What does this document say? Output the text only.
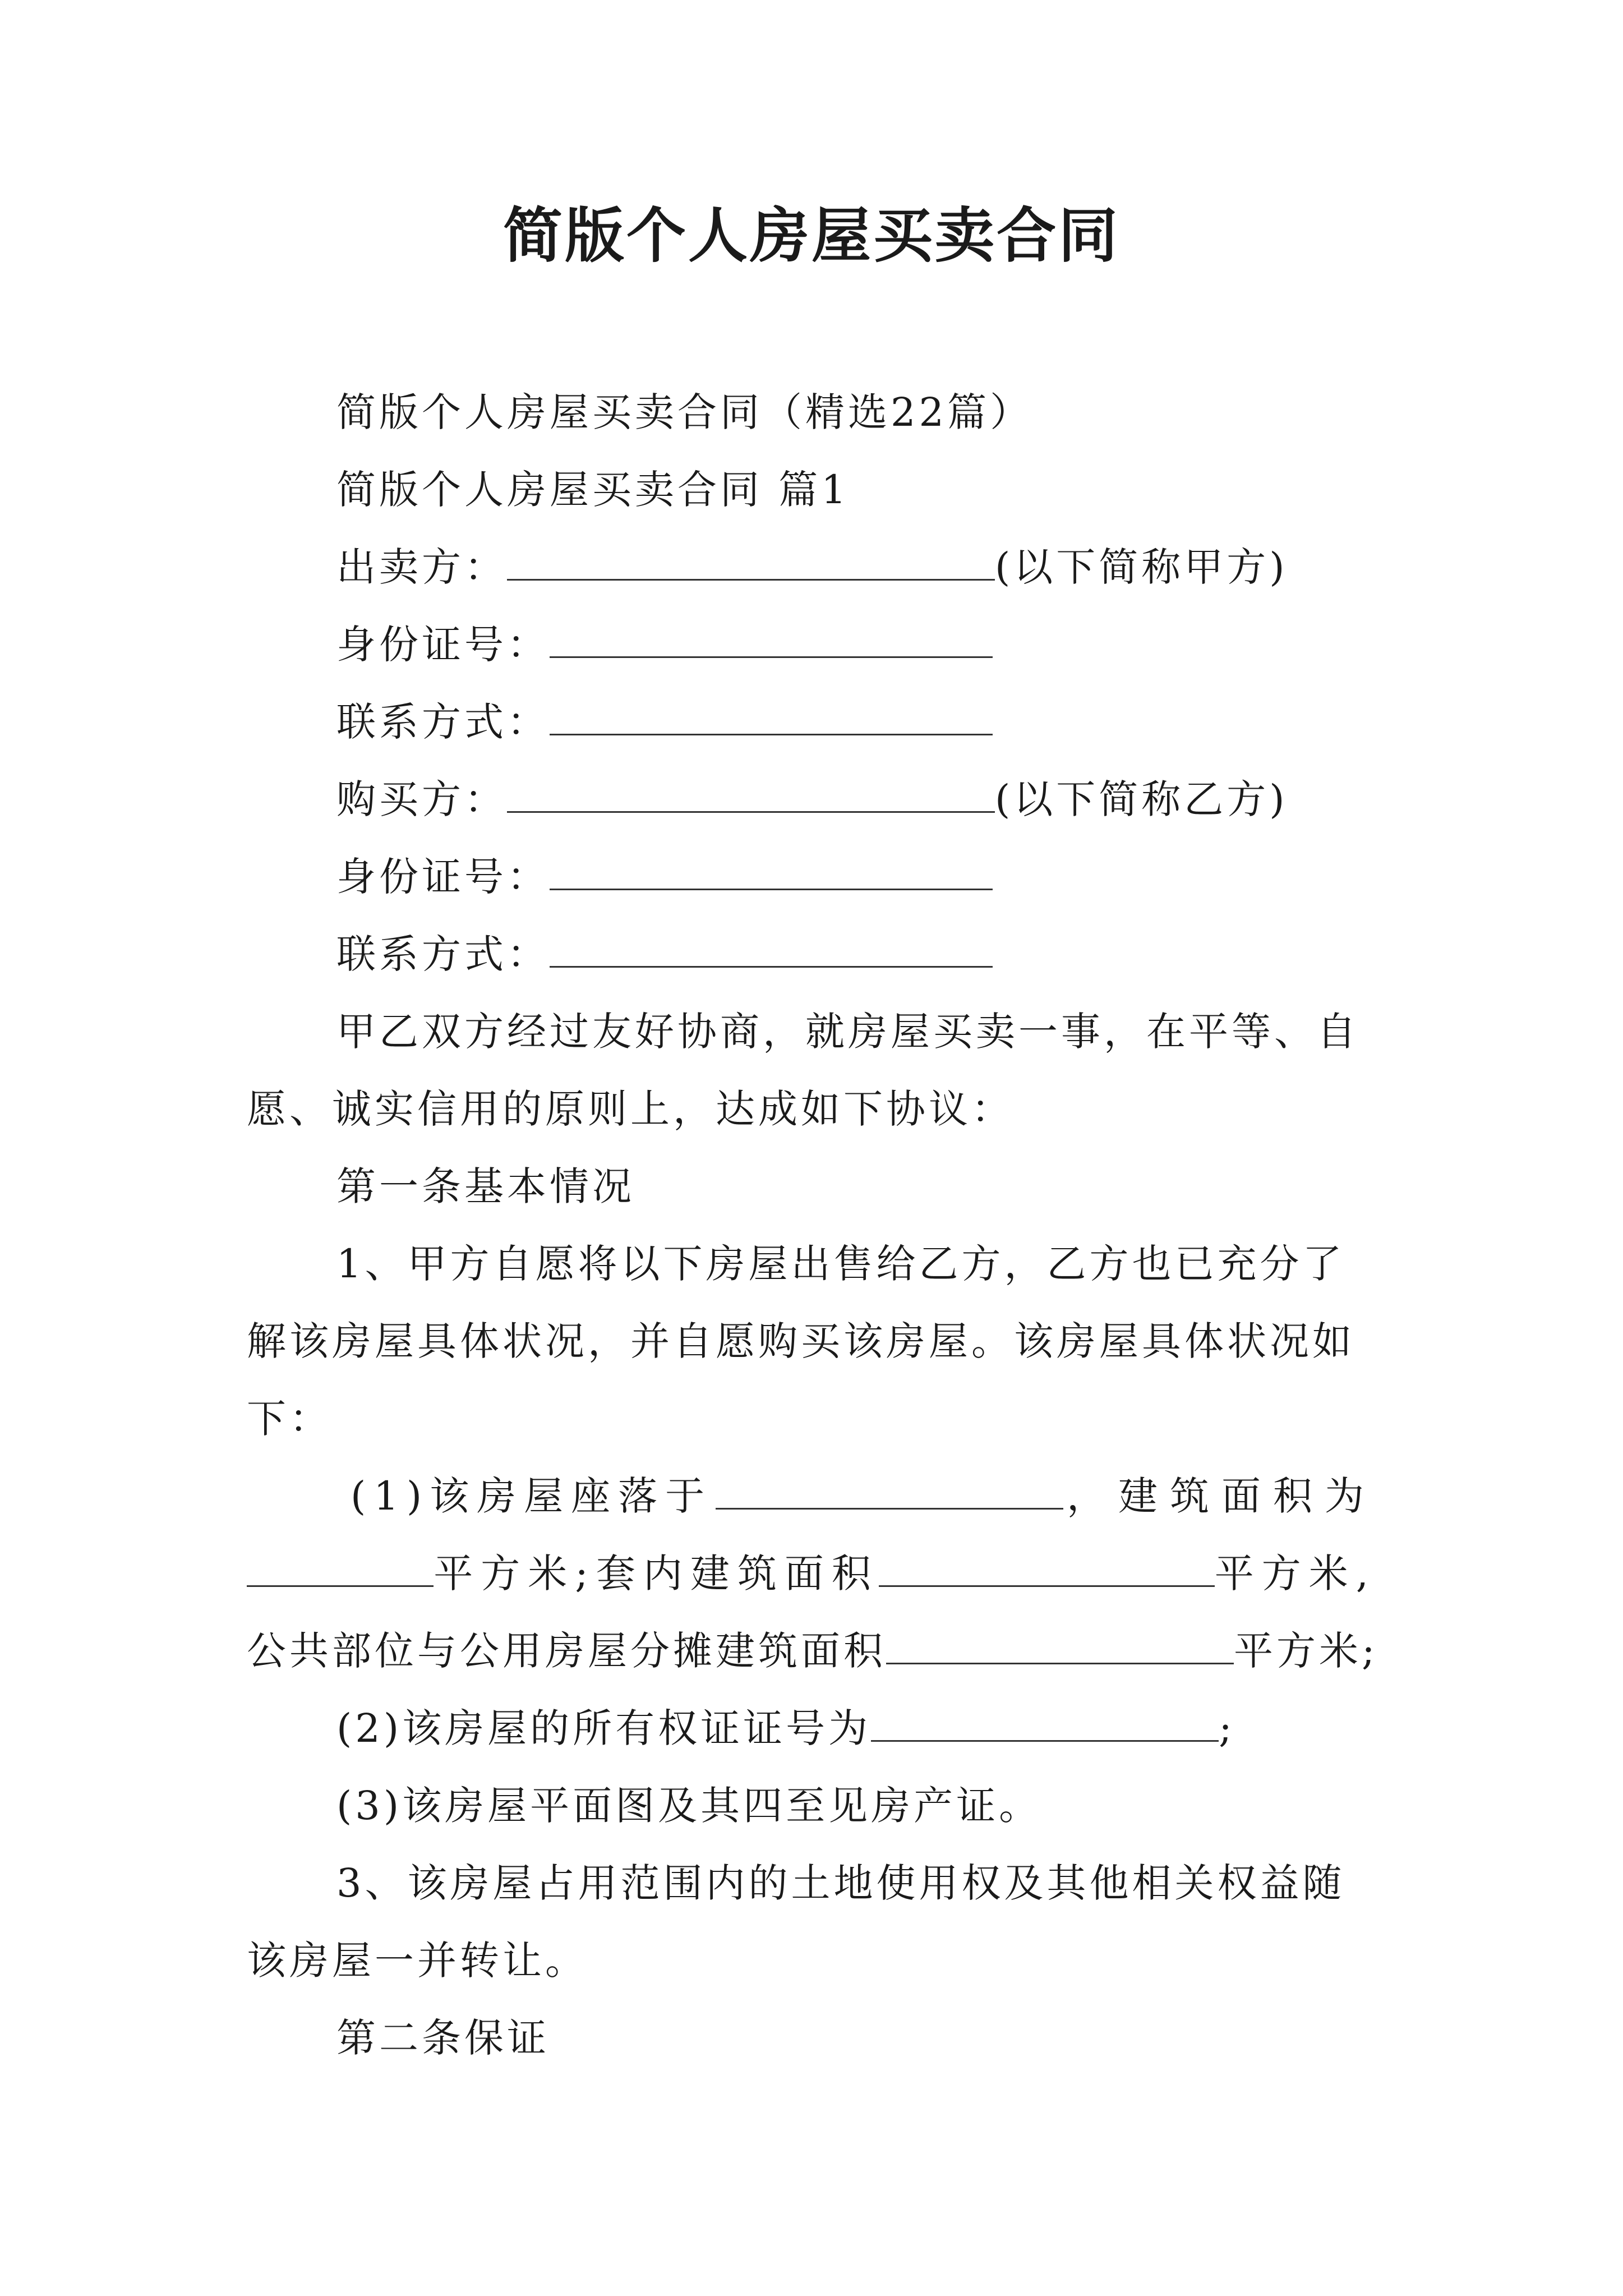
简版个人房屋买卖合同
简版个人房屋买卖合同（精选22篇）
简版个人房屋买卖合同 篇1
出卖方：	(以下简称甲方)
身份证号：
联系方式：
购买方：	(以下简称乙方)
身份证号：
联系方式：
甲乙双方经过友好协商，就房屋买卖一事，在平等、自
愿、诚实信用的原则上，达成如下协议：
第一条基本情况
1、甲方自愿将以下房屋出售给乙方，乙方也已充分了
解该房屋具体状况，并自愿购买该房屋。该房屋具体状况如
下：
(1)该房屋座落于	，建筑面积为
平方米;套内建筑面积	平方米,
公共部位与公用房屋分摊建筑面积	平方米;
(2)该房屋的所有权证证号为	;
(3)该房屋平面图及其四至见房产证。
3、该房屋占用范围内的土地使用权及其他相关权益随
该房屋一并转让。
第二条保证
